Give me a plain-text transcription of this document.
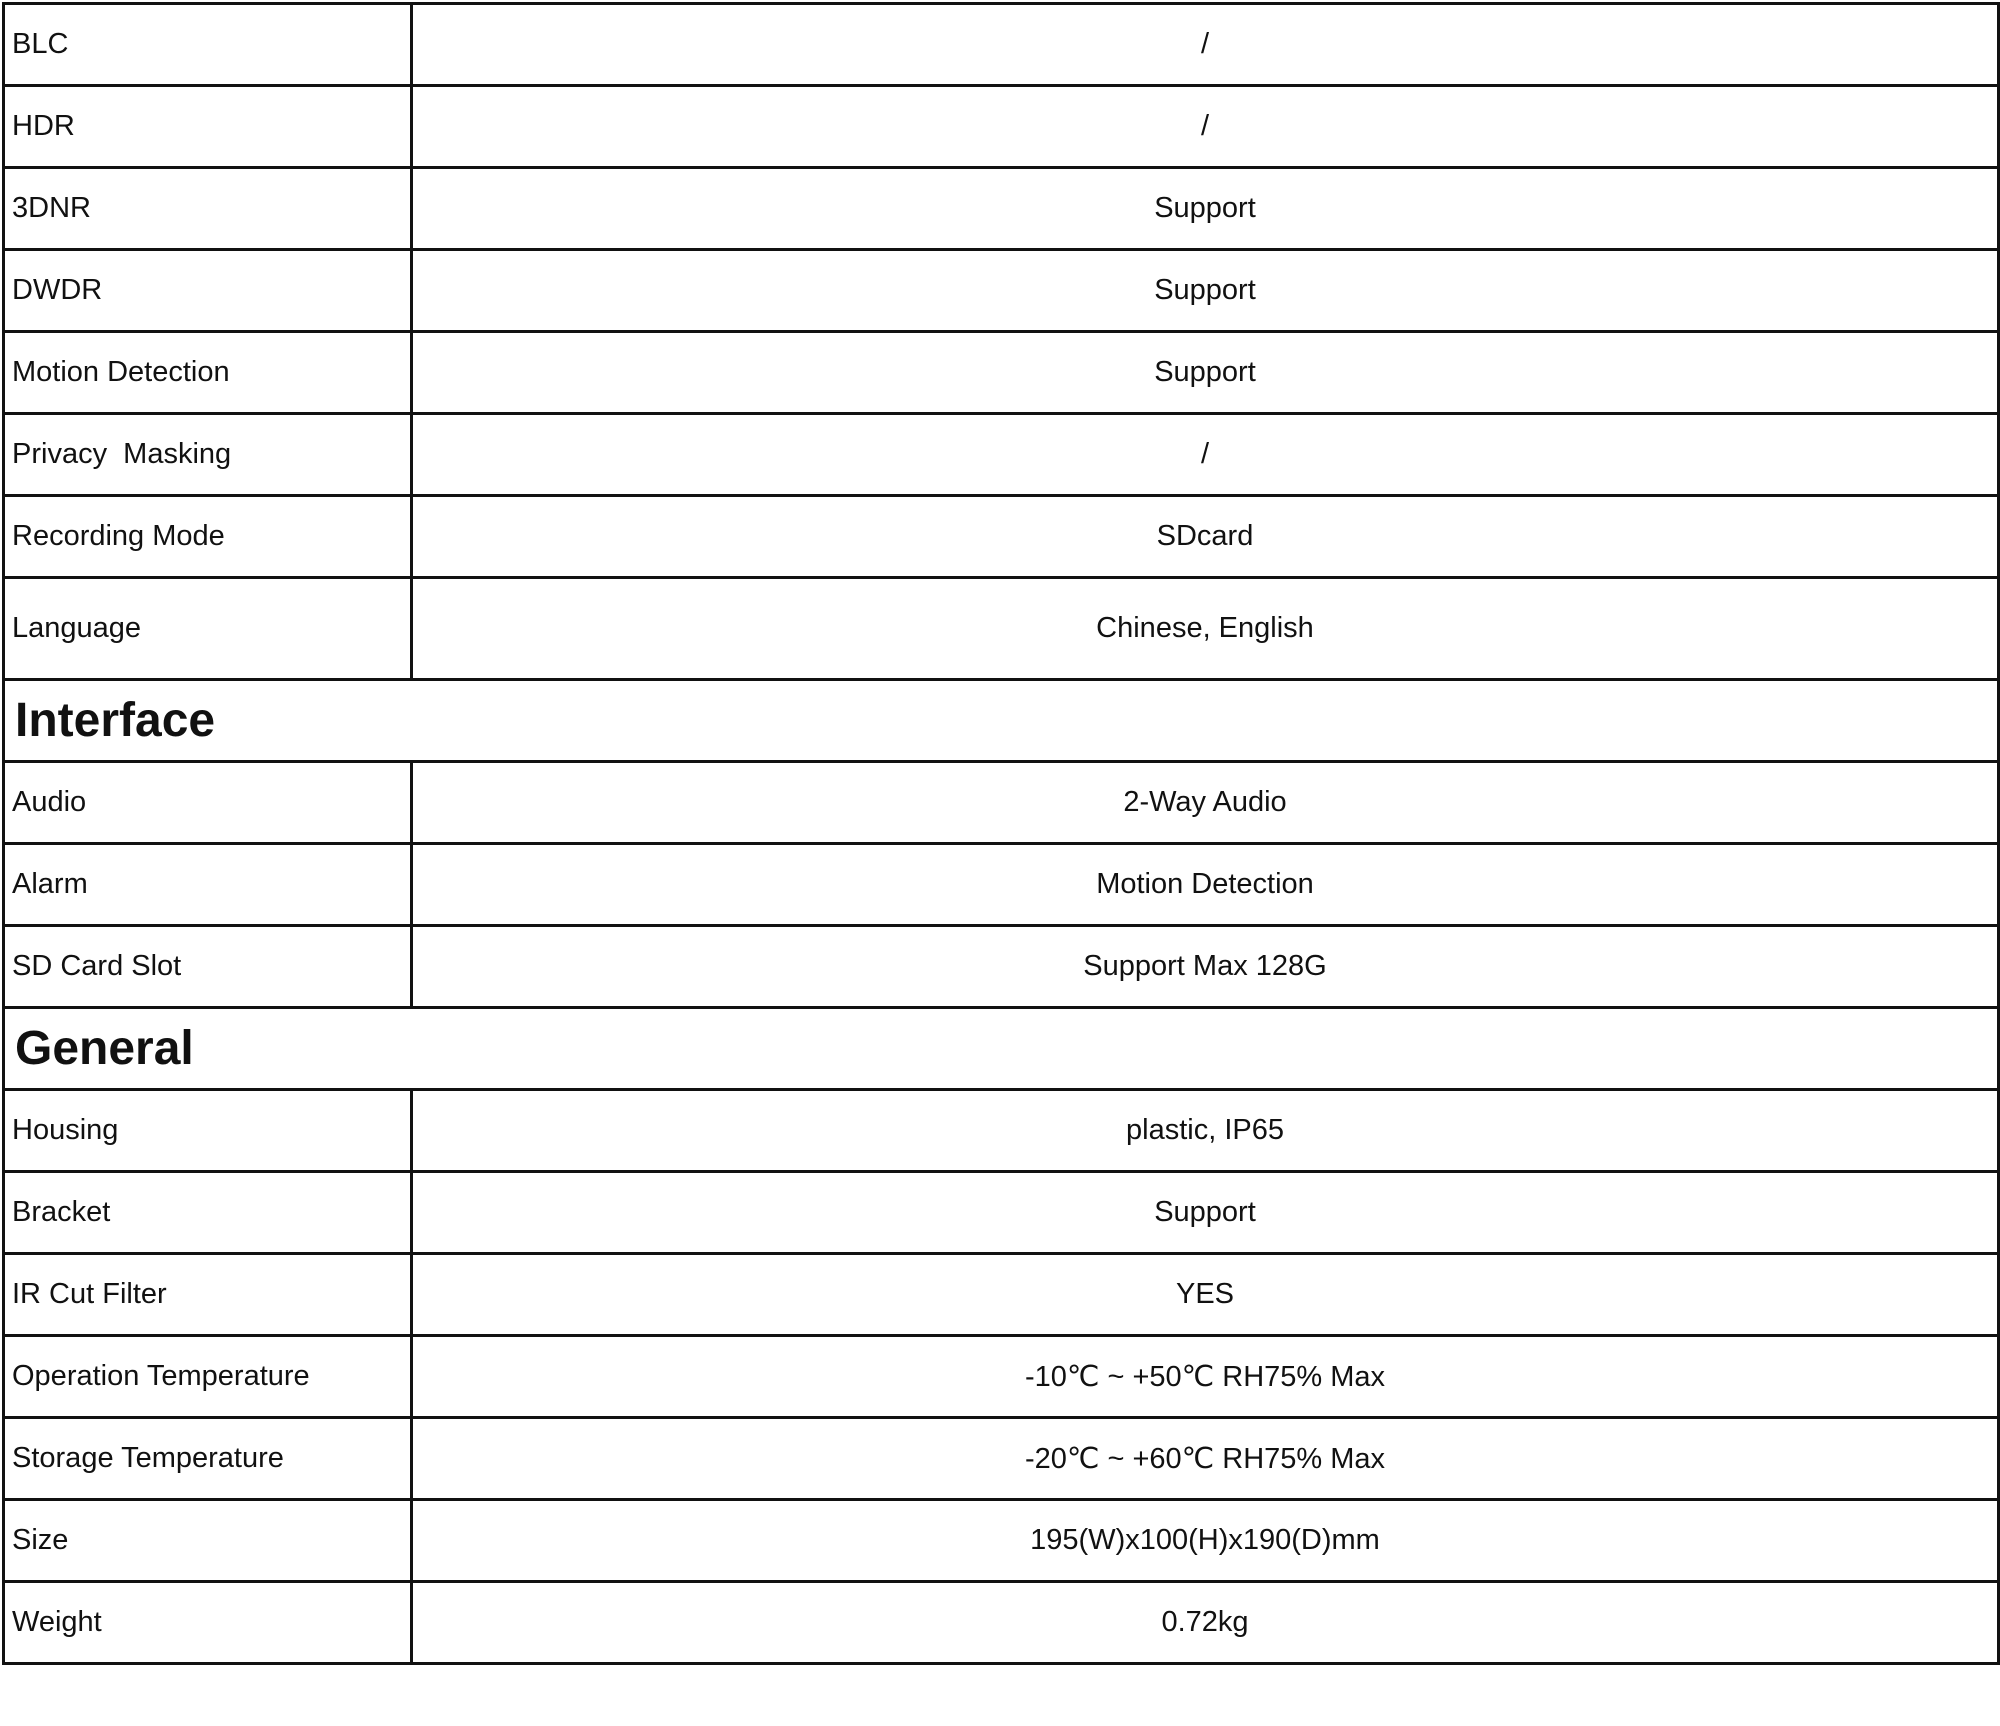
BLC	/
HDR	/
3DNR	Support
DWDR	Support
Motion Detection	Support
Privacy  Masking	/
Recording Mode	SDcard
Language	Chinese, English
Interface	
Audio	2-Way Audio
Alarm	Motion Detection
SD Card Slot	Support Max 128G
General	
Housing	plastic, IP65
Bracket	Support
IR Cut Filter	YES
Operation Temperature	-10℃ ~ +50℃ RH75% Max
Storage Temperature	-20℃ ~ +60℃ RH75% Max
Size	195(W)x100(H)x190(D)mm
Weight	0.72kg
